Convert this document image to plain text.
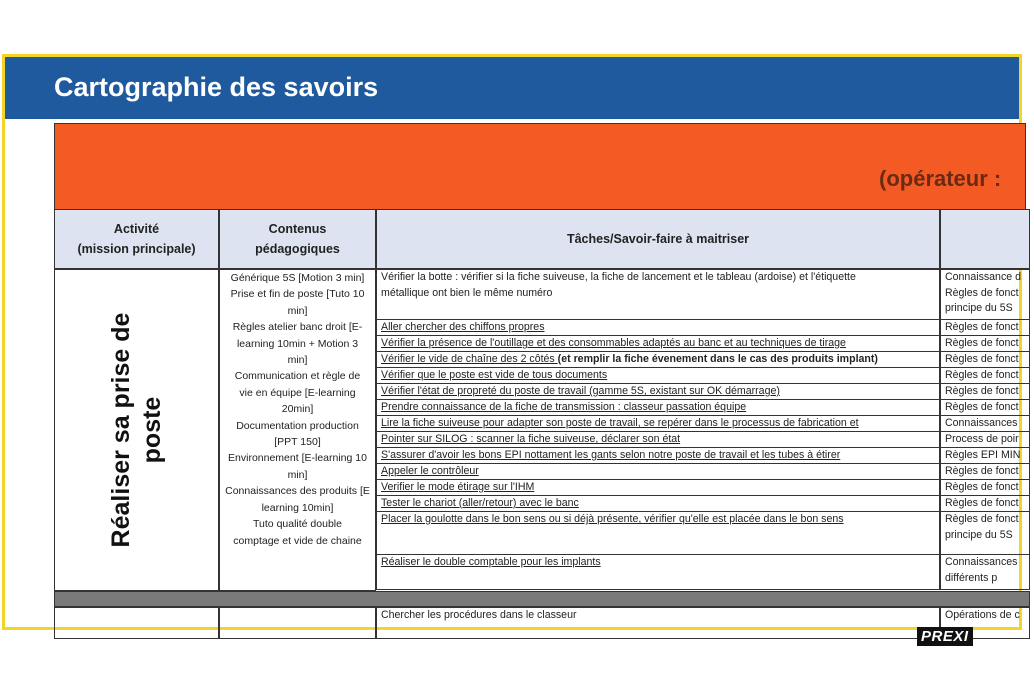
Cartographie des savoirs
(opérateur :
Activité
(mission principale)
Contenus
pédagogiques
Tâches/Savoir-faire à maitriser
Réaliser sa prise de poste
Générique 5S [Motion 3 min]
Prise et fin de poste [Tuto 10
min]
Règles atelier banc droit [E-
learning 10min + Motion 3
min]
Communication et règle de
vie en équipe [E-learning
20min]
Documentation production
[PPT 150]
Environnement [E-learning 10
min]
Connaissances des produits [E
learning 10min]
Tuto qualité double
comptage et vide de chaine
Vérifier la botte : vérifier si la fiche suiveuse, la fiche de lancement et le tableau (ardoise) et l'étiquette
métallique ont bien le même numéro
Aller chercher des chiffons propres
Vérifier la présence de l'outillage et des consommables adaptés au banc et au techniques de tirage
Vérifier le vide de chaîne des 2 côtés (et remplir la fiche évenement dans le cas des produits implant)
Vérifier que le poste est vide de tous documents
Vérifier l'état de propreté du poste de travail (gamme 5S, existant sur OK démarrage)
Prendre connaissance de la fiche de transmission : classeur passation équipe
Lire la fiche suiveuse pour adapter son poste de travail, se repérer dans le processus de fabrication et
Pointer sur SILOG : scanner la fiche suiveuse, déclarer son état
S'assurer d'avoir les bons EPI nottament les gants selon notre poste de travail et les tubes à étirer
Appeler le contrôleur
Verifier le mode étirage sur l'IHM
Tester le chariot (aller/retour) avec le banc
Placer la goulotte dans le bon sens ou si déjà présente, vérifier qu'elle est placée dans le bon sens
Réaliser le double comptable pour les implants
Connaissance d
Règles de fonct
principe du 5S
Règles de fonct
Règles de fonct
Règles de fonct
Règles de fonct
Règles de fonct
Règles de fonct
Connaissances
Process de poir
Règles EPI MIN
Règles de fonct
Règles de fonct
Règles de fonct
Règles de fonct
principe du 5S
Connaissances
différents p
Chercher les procédures dans le classeur	Opérations de c
PREXI
